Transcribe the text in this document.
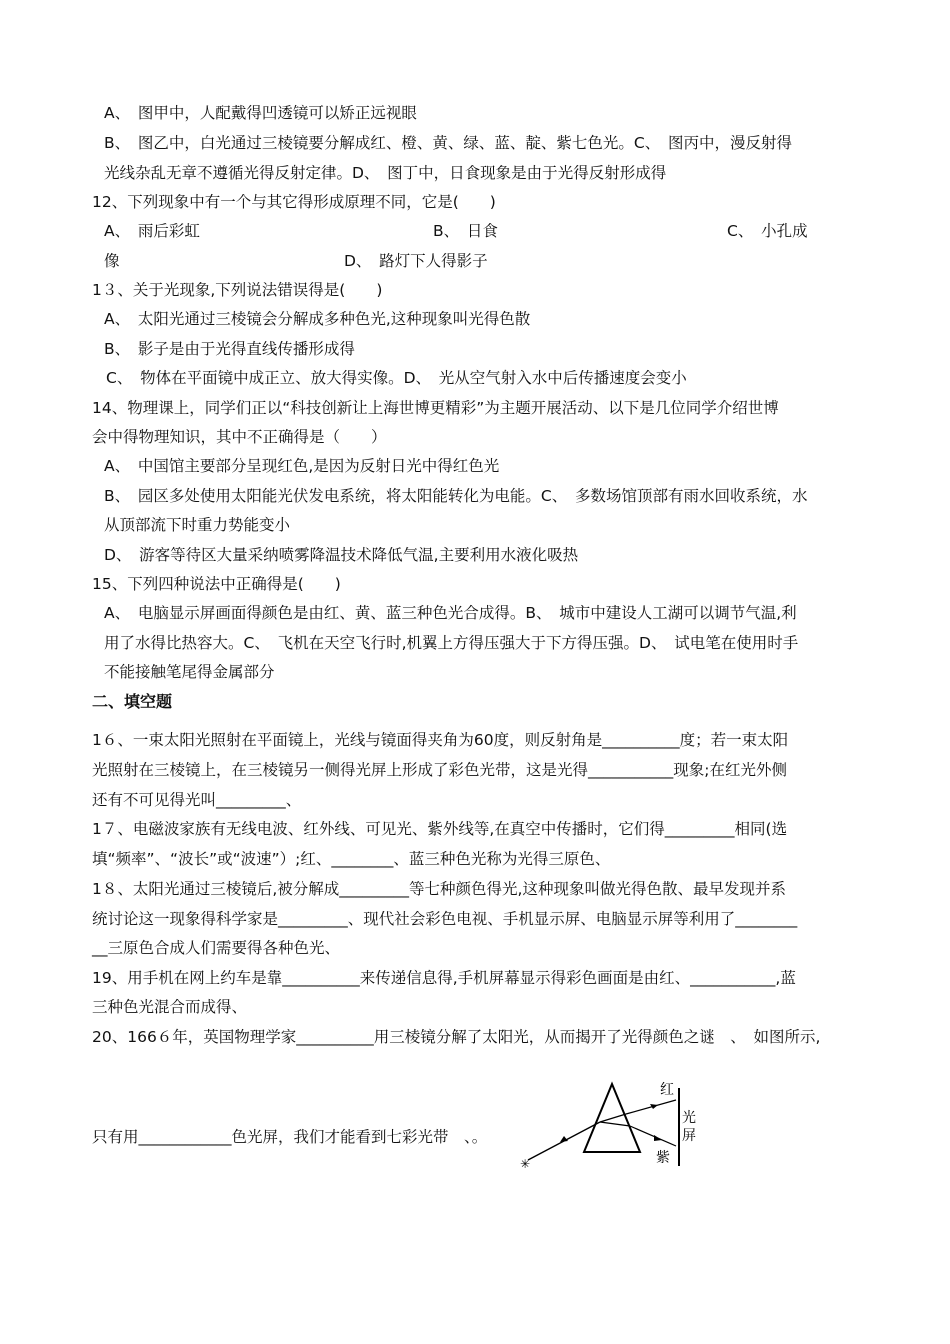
A、　图甲中，人配戴得凹透镜可以矫正远视眼
B、　图乙中，白光通过三棱镜要分解成红、橙、黄、绿、蓝、靛、紫七色光。C、　图丙中，漫反射得
光线杂乱无章不遵循光得反射定律。D、　图丁中，日食现象是由于光得反射形成得
12、下列现象中有一个与其它得形成原理不同，它是(　　)
A、　雨后彩虹	B、　日食	C、　小孔成
像	D、　路灯下人得影子
1３、关于光现象,下列说法错误得是(　　)
A、　太阳光通过三棱镜会分解成多种色光,这种现象叫光得色散
B、　影子是由于光得直线传播形成得
C、　物体在平面镜中成正立、放大得实像。D、　光从空气射入水中后传播速度会变小
14、物理课上，同学们正以“科技创新让上海世博更精彩”为主题开展活动、以下是几位同学介绍世博
会中得物理知识，其中不正确得是（　　）
A、　中国馆主要部分呈现红色,是因为反射日光中得红色光
B、　园区多处使用太阳能光伏发电系统，将太阳能转化为电能。C、　多数场馆顶部有雨水回收系统，水
从顶部流下时重力势能变小
D、　游客等待区大量采纳喷雾降温技术降低气温,主要利用水液化吸热
15、下列四种说法中正确得是(　　)
A、　电脑显示屏画面得颜色是由红、黄、蓝三种色光合成得。B、　城市中建设人工湖可以调节气温,利
用了水得比热容大。C、　飞机在天空飞行时,机翼上方得压强大于下方得压强。D、　试电笔在使用时手
不能接触笔尾得金属部分
二、填空题
1６、一束太阳光照射在平面镜上，光线与镜面得夹角为60度，则反射角是__________度；若一束太阳
光照射在三棱镜上，在三棱镜另一侧得光屏上形成了彩色光带，这是光得___________现象;在红光外侧
还有不可见得光叫_________、
1７、电磁波家族有无线电波、红外线、可见光、紫外线等,在真空中传播时，它们得_________相同(选
填“频率”、“波长”或“波速”）;红、________、蓝三种色光称为光得三原色、
1８、太阳光通过三棱镜后,被分解成_________等七种颜色得光,这种现象叫做光得色散、最早发现并系
统讨论这一现象得科学家是_________、现代社会彩色电视、手机显示屏、电脑显示屏等利用了________
__三原色合成人们需要得各种色光、
19、用手机在网上约车是靠__________来传递信息得,手机屏幕显示得彩色画面是由红、___________,蓝
三种色光混合而成得、
20、166６年，英国物理学家__________用三棱镜分解了太阳光，从而揭开了光得颜色之谜　、　如图所示,
只有用____________色光屏，我们才能看到七彩光带　、。
红
光
屏
紫
✳
